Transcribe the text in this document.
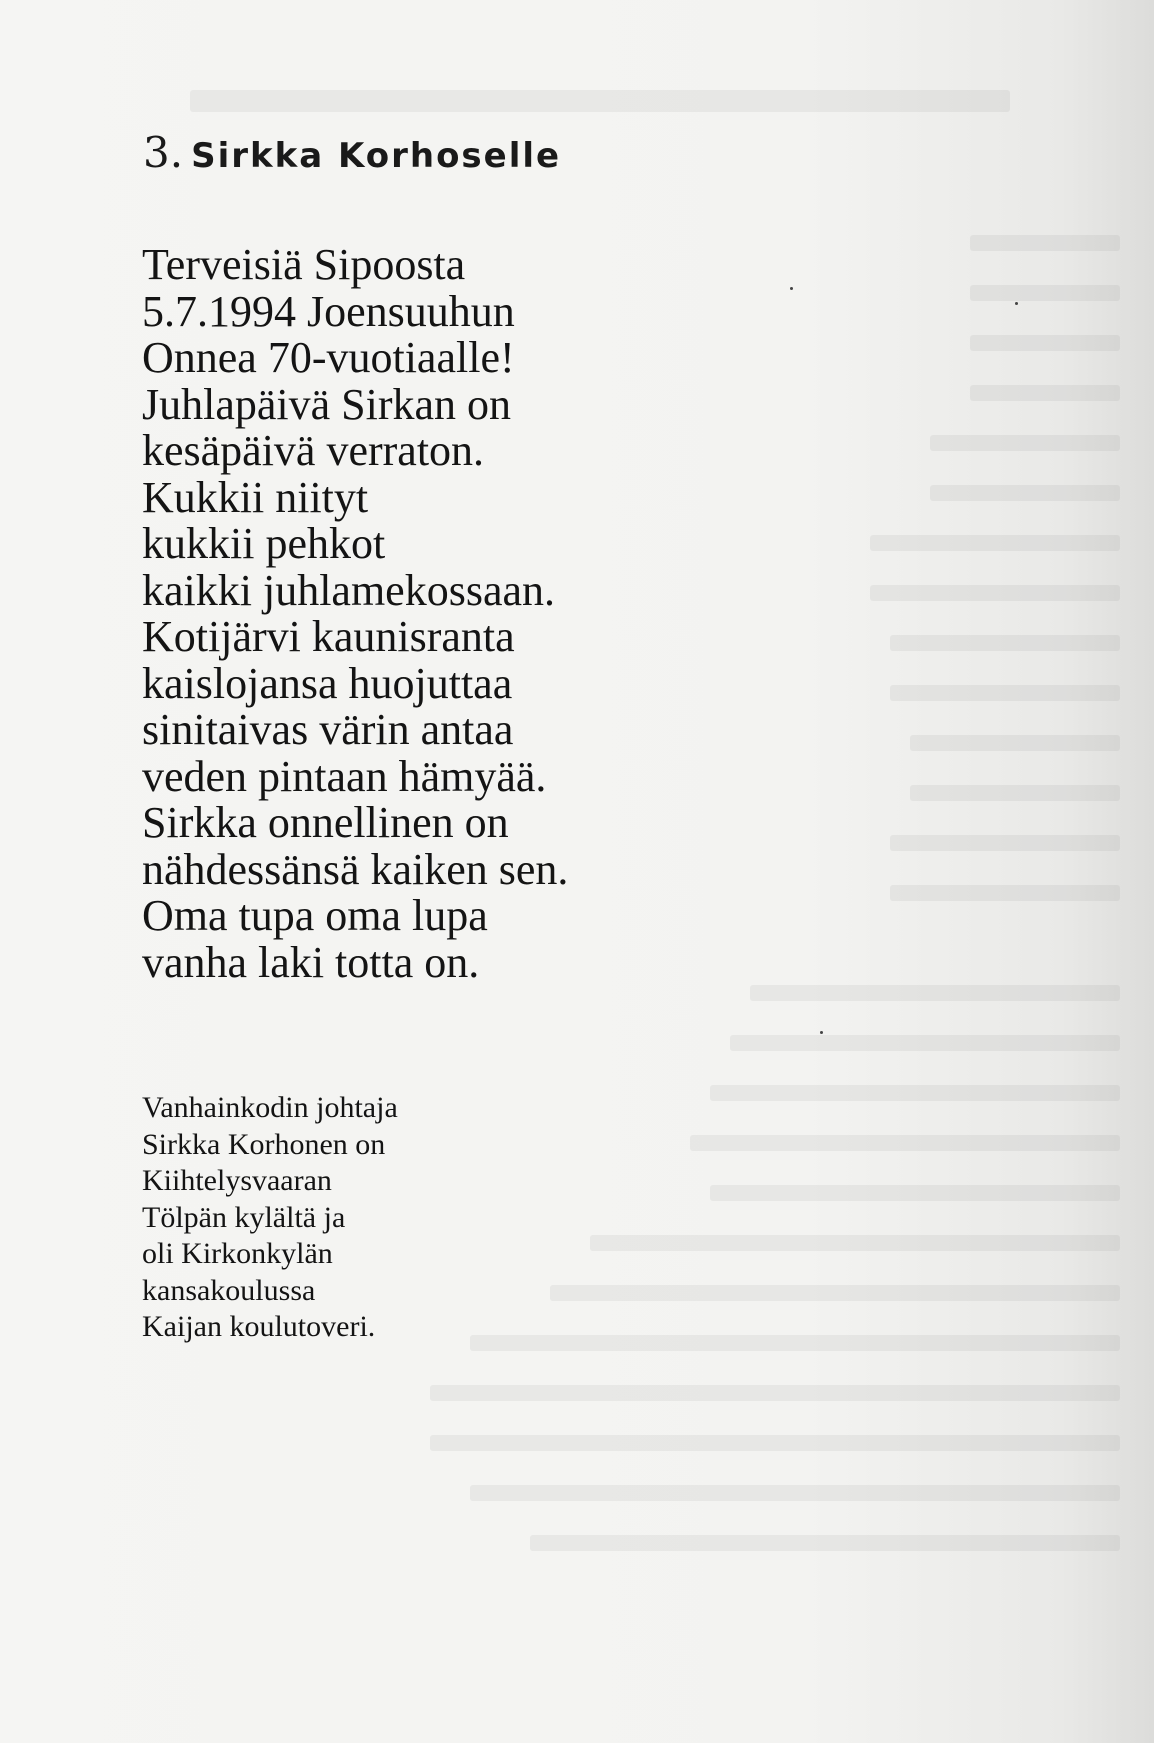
3. Sirkka Korhoselle
Terveisiä Sipoosta
5.7.1994 Joensuuhun
Onnea 70-vuotiaalle!
Juhlapäivä Sirkan on
kesäpäivä verraton.
Kukkii niityt
kukkii pehkot
kaikki juhlamekossaan.
Kotijärvi kaunisranta
kaislojansa huojuttaa
sinitaivas värin antaa
veden pintaan hämyää.
Sirkka onnellinen on
nähdessänsä kaiken sen.
Oma tupa oma lupa
vanha laki totta on.
Vanhainkodin johtaja
Sirkka Korhonen on
Kiihtelysvaaran
Tölpän kylältä ja
oli Kirkonkylän
kansakoulussa
Kaijan koulutoveri.
